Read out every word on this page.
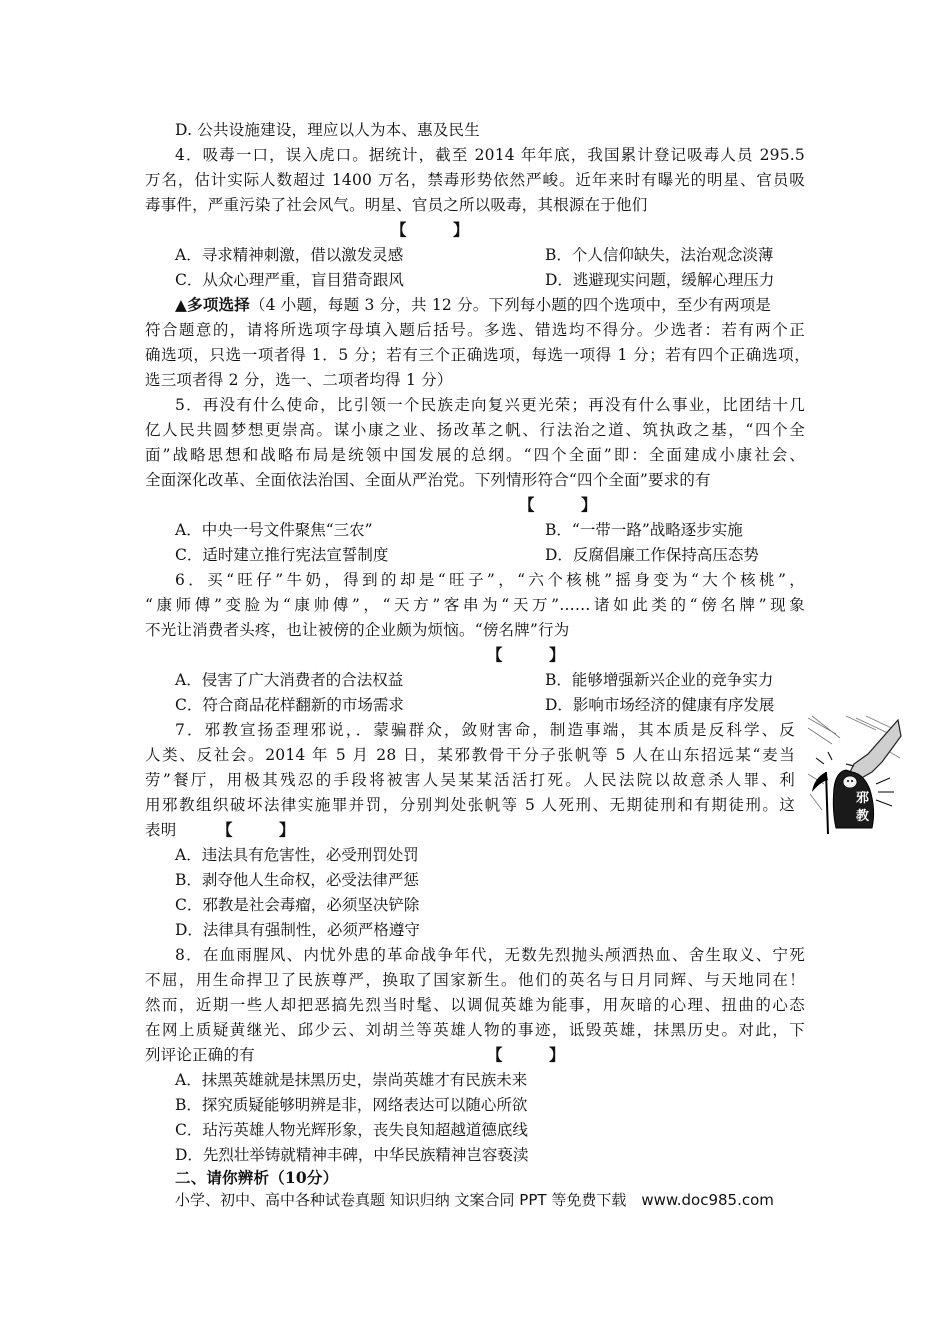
D. 公共设施建设，理应以人为本、惠及民生
4．吸毒一口，误入虎口。据统计，截至 2014 年年底，我国累计登记吸毒人员 295.5
万名，估计实际人数超过 1400 万名，禁毒形势依然严峻。近年来时有曝光的明星、官员吸
毒事件，严重污染了社会风气。明星、官员之所以吸毒，其根源在于他们
【　　　】
A．寻求精神刺激，借以激发灵感	B．个人信仰缺失，法治观念淡薄
C．从众心理严重，盲目猎奇跟风	D．逃避现实问题，缓解心理压力
▲多项选择（4 小题，每题 3 分，共 12 分。下列每小题的四个选项中，至少有两项是
符合题意的，请将所选项字母填入题后括号。多选、错选均不得分。少选者：若有两个正
确选项，只选一项者得 1．5 分；若有三个正确选项，每选一项得 1 分；若有四个正确选项，
选三项者得 2 分，选一、二项者均得 1 分）
5．再没有什么使命，比引领一个民族走向复兴更光荣；再没有什么事业，比团结十几
亿人民共圆梦想更崇高。谋小康之业、扬改革之帆、行法治之道、筑执政之基，“四个全
面”战略思想和战略布局是统领中国发展的总纲。“四个全面”即：全面建成小康社会、
全面深化改革、全面依法治国、全面从严治党。下列情形符合“四个全面”要求的有
【　　　】
A．中央一号文件聚焦“三农”	B．“一带一路”战略逐步实施
C．适时建立推行宪法宣誓制度	D．反腐倡廉工作保持高压态势
6．买“旺仔”牛奶，得到的却是“旺子”，“六个核桃”摇身变为“大个核桃”，
“康师傅”变脸为“康帅傅”，“天方”客串为“天万”……诸如此类的“傍名牌”现象
不光让消费者头疼，也让被傍的企业颇为烦恼。“傍名牌”行为
【　　　】
A．侵害了广大消费者的合法权益	B．能够增强新兴企业的竞争实力
C．符合商品花样翻新的市场需求	D．影响市场经济的健康有序发展
7．邪教宣扬歪理邪说，．蒙骗群众，敛财害命，制造事端，其本质是反科学、反
人类、反社会。2014 年 5 月 28 日，某邪教骨干分子张帆等 5 人在山东招远某“麦当
劳”餐厅，用极其残忍的手段将被害人吴某某活活打死。人民法院以故意杀人罪、利
用邪教组织破坏法律实施罪并罚，分别判处张帆等 5 人死刑、无期徒刑和有期徒刑。这
表明	【　　　】
A．违法具有危害性，必受刑罚处罚
B．剥夺他人生命权，必受法律严惩
C．邪教是社会毒瘤，必须坚决铲除
D．法律具有强制性，必须严格遵守
邪
教
8．在血雨腥风、内忧外患的革命战争年代，无数先烈抛头颅洒热血、舍生取义、宁死
不屈，用生命捍卫了民族尊严，换取了国家新生。他们的英名与日月同辉、与天地同在！
然而，近期一些人却把恶搞先烈当时髦、以调侃英雄为能事，用灰暗的心理、扭曲的心态
在网上质疑黄继光、邱少云、刘胡兰等英雄人物的事迹，诋毁英雄，抹黑历史。对此，下
列评论正确的有	【　　　】
A．抹黑英雄就是抹黑历史，崇尚英雄才有民族未来
B．探究质疑能够明辨是非，网络表达可以随心所欲
C．玷污英雄人物光辉形象，丧失良知超越道德底线
D．先烈壮举铸就精神丰碑，中华民族精神岂容亵渎
二、请你辨析（10分）
小学、初中、高中各种试卷真题 知识归纳 文案合同 PPT 等免费下载　www.doc985.com
